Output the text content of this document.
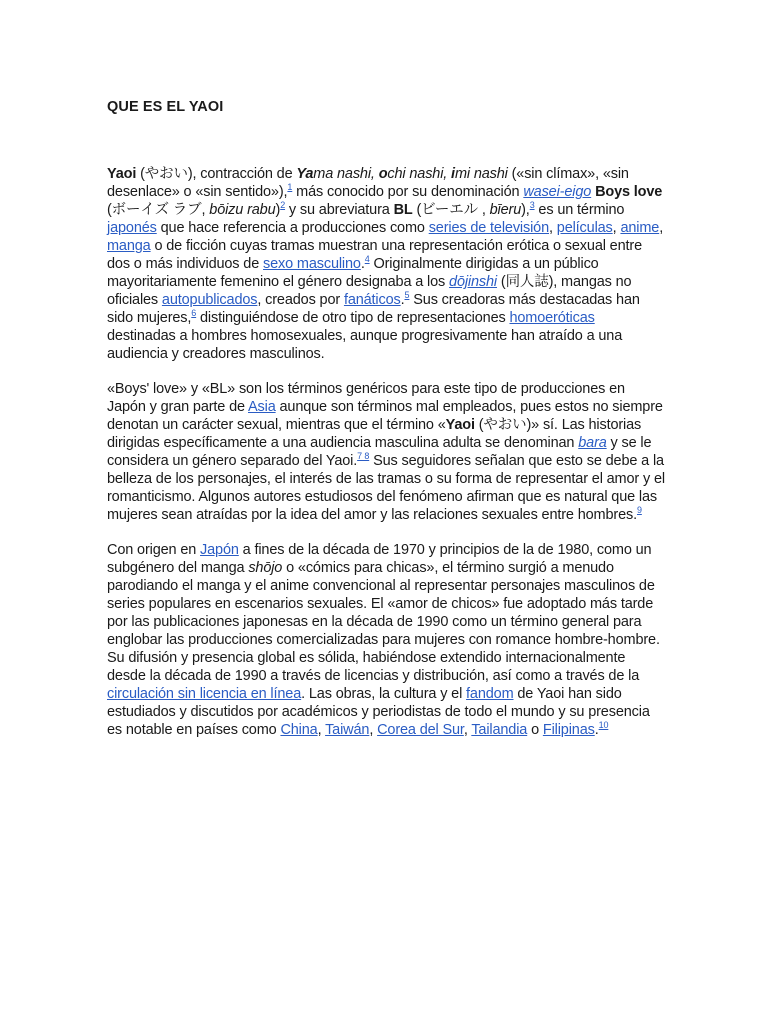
QUE ES EL YAOI

Yaoi (やおい), contracción de Yama nashi, ochi nashi, imi nashi («sin clímax», «sin desenlace» o «sin sentido»),$^1$ más conocido por su denominación wasei-eigo Boys love (ボーイズ ラブ, bōizu rabu)$^2$ y su abreviatura BL (ビーエル , bīeru),$^3$ es un término japonés que hace referencia a producciones como series de televisión, películas, anime, manga o de ficción cuyas tramas muestran una representación erótica o sexual entre dos o más individuos de sexo masculino.$^4$ Originalmente dirigidas a un público mayoritariamente femenino el género designaba a los dōjinshi (同人誌), mangas no oficiales autopublicados, creados por fanáticos.$^5$ Sus creadoras más destacadas han sido mujeres,$^6$ distinguiéndose de otro tipo de representaciones homoeróticas destinadas a hombres homosexuales, aunque progresivamente han atraído a una audiencia y creadores masculinos.

«Boys' love» y «BL» son los términos genéricos para este tipo de producciones en Japón y gran parte de Asia aunque son términos mal empleados, pues estos no siempre denotan un carácter sexual, mientras que el término «Yaoi (やおい)» sí. Las historias dirigidas específicamente a una audiencia masculina adulta se denominan bara y se le considera un género separado del Yaoi.$^{7 8}$ Sus seguidores señalan que esto se debe a la belleza de los personajes, el interés de las tramas o su forma de representar el amor y el romanticismo. Algunos autores estudiosos del fenómeno afirman que es natural que las mujeres sean atraídas por la idea del amor y las relaciones sexuales entre hombres.$^9$

Con origen en Japón a fines de la década de 1970 y principios de la de 1980, como un subgénero del manga shōjo o «cómics para chicas», el término surgió a menudo parodiando el manga y el anime convencional al representar personajes masculinos de series populares en escenarios sexuales. El «amor de chicos» fue adoptado más tarde por las publicaciones japonesas en la década de 1990 como un término general para englobar las producciones comercializadas para mujeres con romance hombre-hombre. Su difusión y presencia global es sólida, habiéndose extendido internacionalmente desde la década de 1990 a través de licencias y distribución, así como a través de la circulación sin licencia en línea. Las obras, la cultura y el fandom de Yaoi han sido estudiados y discutidos por académicos y periodistas de todo el mundo y su presencia es notable en países como China, Taiwán, Corea del Sur, Tailandia o Filipinas.$^{10}$
